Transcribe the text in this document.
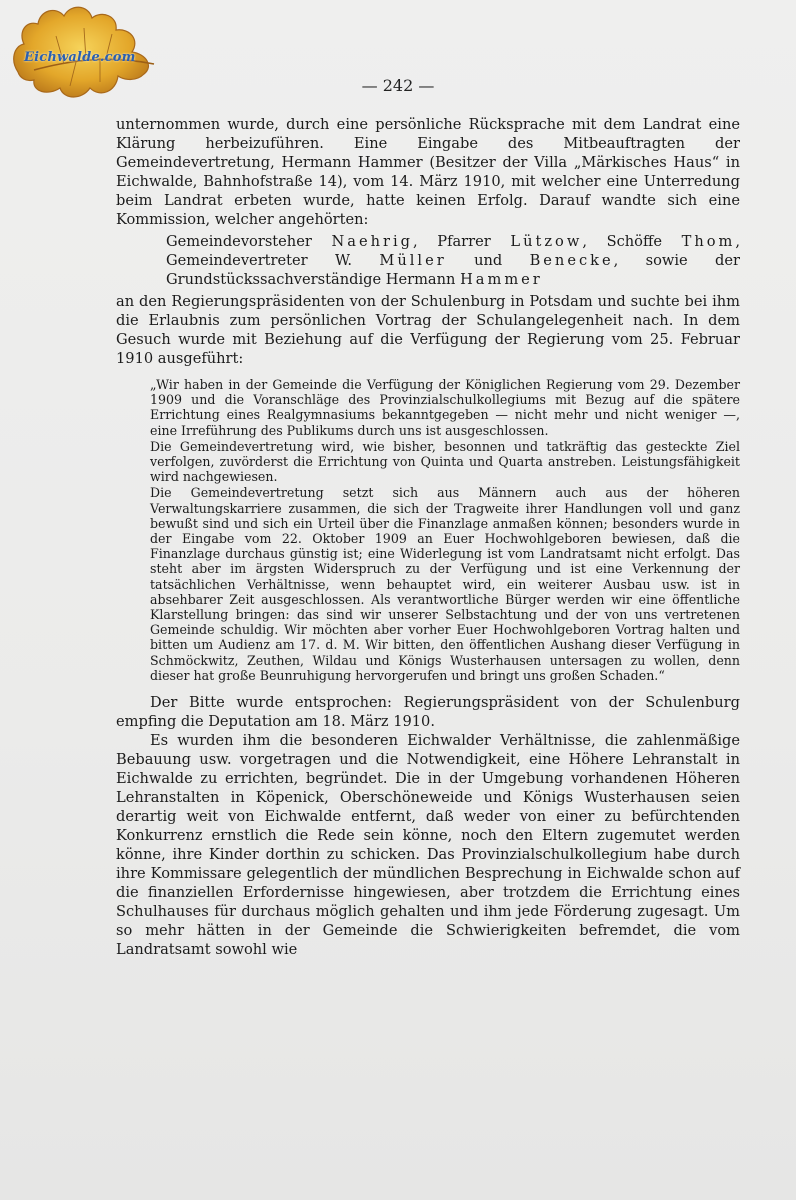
Eichwalde.com
— 242 —

unternommen wurde, durch eine persönliche Rücksprache mit dem Landrat eine Klärung herbeizuführen. Eine Eingabe des Mitbeauftragten der Gemeindevertretung, Hermann Hammer (Besitzer der Villa „Märkisches Haus“ in Eichwalde, Bahnhofstraße 14), vom 14. März 1910, mit welcher eine Unterredung beim Landrat erbeten wurde, hatte keinen Erfolg. Darauf wandte sich eine Kommission, welcher angehörten:

Gemeindevorsteher Naehrig, Pfarrer Lützow, Schöffe Thom, Gemeindevertreter W. Müller und Benecke, sowie der Grundstückssachverständige Hermann Hammer

an den Regierungspräsidenten von der Schulenburg in Potsdam und suchte bei ihm die Erlaubnis zum persönlichen Vortrag der Schulangelegenheit nach. In dem Gesuch wurde mit Beziehung auf die Verfügung der Regierung vom 25. Februar 1910 ausgeführt:

„Wir haben in der Gemeinde die Verfügung der Königlichen Regierung vom 29. Dezember 1909 und die Voranschläge des Provinzialschulkollegiums mit Bezug auf die spätere Errichtung eines Realgymnasiums bekanntgegeben — nicht mehr und nicht weniger —, eine Irreführung des Publikums durch uns ist ausgeschlossen.

Die Gemeindevertretung wird, wie bisher, besonnen und tatkräftig das gesteckte Ziel verfolgen, zuvörderst die Errichtung von Quinta und Quarta anstreben. Leistungsfähigkeit wird nachgewiesen.

Die Gemeindevertretung setzt sich aus Männern auch aus der höheren Verwaltungskarriere zusammen, die sich der Tragweite ihrer Handlungen voll und ganz bewußt sind und sich ein Urteil über die Finanzlage anmaßen können; besonders wurde in der Eingabe vom 22. Oktober 1909 an Euer Hochwohlgeboren bewiesen, daß die Finanzlage durchaus günstig ist; eine Widerlegung ist vom Landratsamt nicht erfolgt. Das steht aber im ärgsten Widerspruch zu der Verfügung und ist eine Verkennung der tatsächlichen Verhältnisse, wenn behauptet wird, ein weiterer Ausbau usw. ist in absehbarer Zeit ausgeschlossen. Als verantwortliche Bürger werden wir eine öffentliche Klarstellung bringen: das sind wir unserer Selbstachtung und der von uns vertretenen Gemeinde schuldig. Wir möchten aber vorher Euer Hochwohlgeboren Vortrag halten und bitten um Audienz am 17. d. M. Wir bitten, den öffentlichen Aushang dieser Verfügung in Schmöckwitz, Zeuthen, Wildau und Königs Wusterhausen untersagen zu wollen, denn dieser hat große Beunruhigung hervorgerufen und bringt uns großen Schaden.“

Der Bitte wurde entsprochen: Regierungspräsident von der Schulenburg empfing die Deputation am 18. März 1910.

Es wurden ihm die besonderen Eichwalder Verhältnisse, die zahlenmäßige Bebauung usw. vorgetragen und die Notwendigkeit, eine Höhere Lehranstalt in Eichwalde zu errichten, begründet. Die in der Umgebung vorhandenen Höheren Lehranstalten in Köpenick, Oberschöneweide und Königs Wusterhausen seien derartig weit von Eichwalde entfernt, daß weder von einer zu befürchtenden Konkurrenz ernstlich die Rede sein könne, noch den Eltern zugemutet werden könne, ihre Kinder dorthin zu schicken. Das Provinzialschulkollegium habe durch ihre Kommissare gelegentlich der mündlichen Besprechung in Eichwalde schon auf die finanziellen Erfordernisse hingewiesen, aber trotzdem die Errichtung eines Schulhauses für durchaus möglich gehalten und ihm jede Förderung zugesagt. Um so mehr hätten in der Gemeinde die Schwierigkeiten befremdet, die vom Landratsamt sowohl wie
